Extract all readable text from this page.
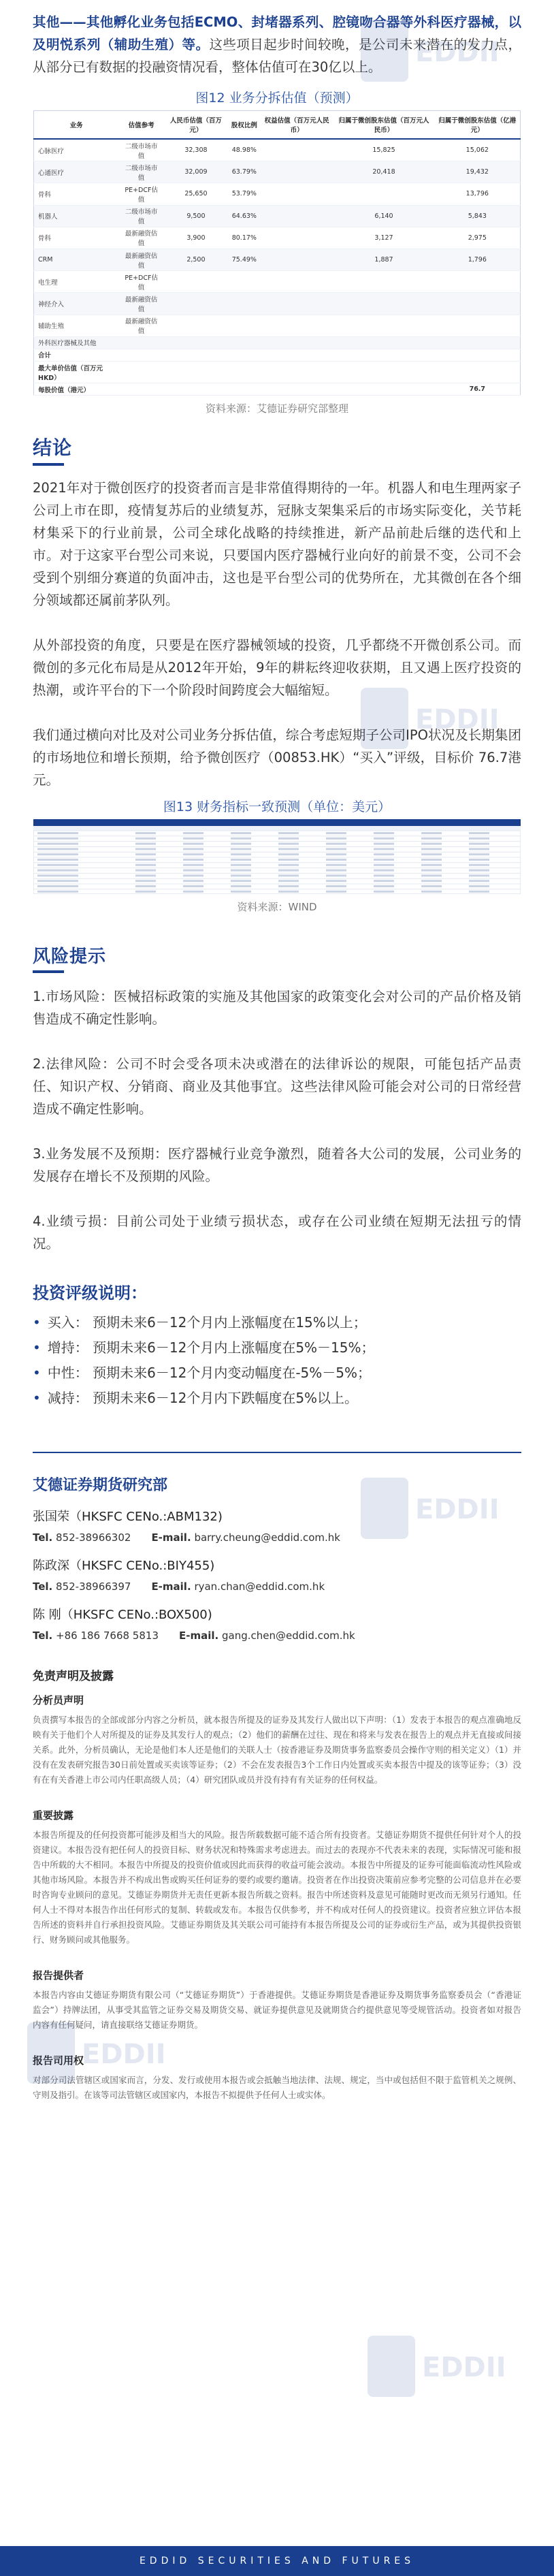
EDDI
EDDI
EDDI
EDDI
EDDI

其他——其他孵化业务包括ECMO、封堵器系列、腔镜吻合器等外科医疗器械，以及明悦系列（辅助生殖）等。这些项目起步时间较晚，是公司未来潜在的发力点，从部分已有数据的投融资情况看，整体估值可在30亿以上。

图12 业务分拆估值（预测）
业务	估值参考	人民币估值（百万元）	股权比例	权益估值（百万元人民币）	归属于微创股东估值（百万元人民币）	归属于微创股东估值（亿港元）
心脉医疗	二级市场市值	32,308	48.98%		15,825	15,062
心通医疗	二级市场市值	32,009	63.79%		20,418	19,432
骨科	PE+DCF估值	25,650	53.79%			13,796
机器人	二级市场市值	9,500	64.63%		6,140	5,843
骨科	最新融资估值	3,900	80.17%		3,127	2,975
CRM	最新融资估值	2,500	75.49%		1,887	1,796
电生理	PE+DCF估值					
神经介入	最新融资估值					
辅助生殖	最新融资估值					
外科医疗器械及其他						
合计						
最大单价估值（百万元HKD）						
每股价值（港元）						76.7
资料来源：艾德证券研究部整理
结论

2021年对于微创医疗的投资者而言是非常值得期待的一年。机器人和电生理两家子公司上市在即，疫情复苏后的业绩复苏，冠脉支架集采后的市场实际变化，关节耗材集采下的行业前景，公司全球化战略的持续推进，新产品前赴后继的迭代和上市。对于这家平台型公司来说，只要国内医疗器械行业向好的前景不变，公司不会受到个别细分赛道的负面冲击，这也是平台型公司的优势所在，尤其微创在各个细分领域都还属前茅队列。

从外部投资的角度，只要是在医疗器械领域的投资，几乎都绕不开微创系公司。而微创的多元化布局是从2012年开始，9年的耕耘终迎收获期，且又遇上医疗投资的热潮，或许平台的下一个阶段时间跨度会大幅缩短。

我们通过横向对比及对公司业务分拆估值，综合考虑短期子公司IPO状况及长期集团的市场地位和增长预期，给予微创医疗（00853.HK）“买入”评级，目标价 76.7港元。

图13 财务指标一致预测（单位：美元）
资料来源：WIND
风险提示

1.市场风险：医械招标政策的实施及其他国家的政策变化会对公司的产品价格及销售造成不确定性影响。

2.法律风险：公司不时会受各项未决或潜在的法律诉讼的规限，可能包括产品责任、知识产权、分销商、商业及其他事宜。这些法律风险可能会对公司的日常经营造成不确定性影响。

3.业务发展不及预期：医疗器械行业竞争激烈，随着各大公司的发展，公司业务的发展存在增长不及预期的风险。

4.业绩亏损：目前公司处于业绩亏损状态，或存在公司业绩在短期无法扭亏的情况。

投资评级说明：
• 买入： 预期未来6－12个月内上涨幅度在15%以上；
• 增持： 预期未来6－12个月内上涨幅度在5%－15%；
• 中性： 预期未来6－12个月内变动幅度在-5%－5%；
• 减持： 预期未来6－12个月内下跌幅度在5%以上。
艾德证券期货研究部
张国荣（HKSFC CENo.:ABM132)
Tel. 852-38966302 E-mail. barry.cheung@eddid.com.hk
陈政深（HKSFC CENo.:BIY455)
Tel. 852-38966397 E-mail. ryan.chan@eddid.com.hk
陈 刚（HKSFC CENo.:BOX500)
Tel. +86 186 7668 5813 E-mail. gang.chen@eddid.com.hk
免责声明及披露
分析员声明

负责撰写本报告的全部或部分内容之分析员，就本报告所提及的证券及其发行人做出以下声明：（1）发表于本报告的观点准确地反映有关于他们个人对所提及的证券及其发行人的观点；（2）他们的薪酬在过往、现在和将来与发表在报告上的观点并无直接或间接关系。此外，分析员确认，无论是他们本人还是他们的关联人士（按香港证券及期货事务监察委员会操作守则的相关定义）（1）并没有在发表研究报告30日前处置或买卖该等证券；（2）不会在发表报告3个工作日内处置或买卖本报告中提及的该等证券；（3）没有在有关香港上市公司内任职高级人员；（4）研究团队或员并没有持有有关证券的任何权益。

重要披露

本报告所提及的任何投资都可能涉及相当大的风险。报告所载数据可能不适合所有投资者。艾德证券期货不提供任何针对个人的投资建议。本报告没有把任何人的投资目标、财务状况和特殊需求考虑进去。而过去的表现亦不代表未来的表现，实际情况可能和报告中所载的大不相同。本报告中所提及的投资价值或因此而获得的收益可能会波动。本报告中所提及的证券可能面临流动性风险或其他市场风险。本报告并不构成出售或购买任何证券的要约或要约邀请。投资者在作出投资决策前应参考完整的公司信息并在必要时咨询专业顾问的意见。艾德证券期货并无责任更新本报告所载之资料。报告中所述资料及意见可能随时更改而无须另行通知。任何人士不得对本报告作出任何形式的复制、转载或发布。本报告仅供参考，并不构成对任何人的投资建议。投资者应独立评估本报告所述的资料并自行承担投资风险。艾德证券期货及其关联公司可能持有本报告所提及公司的证券或衍生产品，或为其提供投资银行、财务顾问或其他服务。

报告提供者

本报告内容由艾德证券期货有限公司（“艾德证券期货”）于香港提供。艾德证券期货是香港证券及期货事务监察委员会（“香港证监会”）持牌法团，从事受其监管之证券交易及期货交易、就证券提供意见及就期货合约提供意见等受规管活动。投资者如对报告内容有任何疑问，请直接联络艾德证券期货。

报告司用权

对部分司法管辖区或国家而言，分发、发行或使用本报告或会抵触当地法律、法规、规定，当中或包括但不限于监管机关之规例、守则及指引。在该等司法管辖区或国家内，本报告不拟提供予任何人士或实体。

EDDID SECURITIES AND FUTURES
